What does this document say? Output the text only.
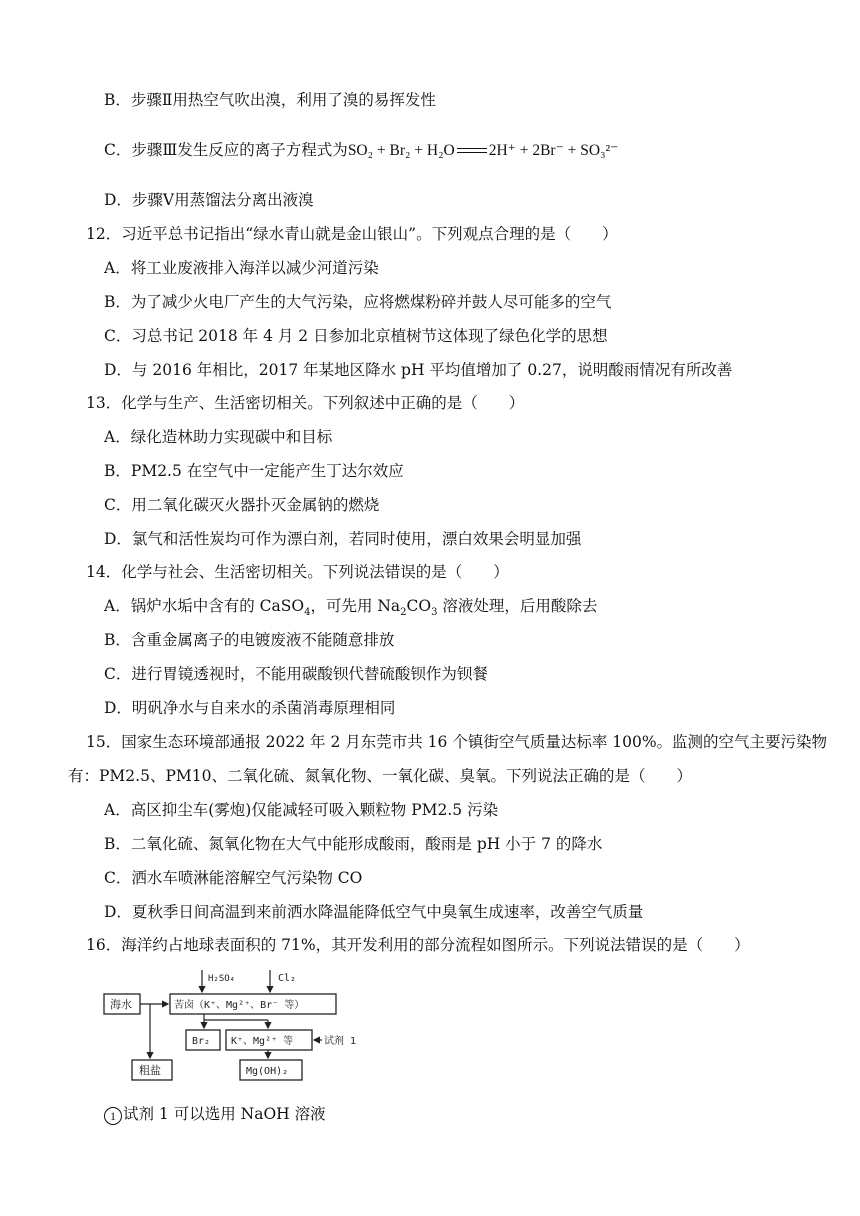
B．步骤Ⅱ用热空气吹出溴，利用了溴的易挥发性
C．步骤Ⅲ发生反应的离子方程式为SO₂ + Br₂ + H₂O 2H⁺ + 2Br⁻ + SO₃²⁻
D．步骤Ⅴ用蒸馏法分离出液溴
12．习近平总书记指出“绿水青山就是金山银山”。下列观点合理的是（　　）
A．将工业废液排入海洋以减少河道污染
B．为了减少火电厂产生的大气污染，应将燃煤粉碎并鼓人尽可能多的空气
C．习总书记 2018 年 4 月 2 日参加北京植树节这体现了绿色化学的思想
D．与 2016 年相比，2017 年某地区降水 pH 平均值增加了 0.27，说明酸雨情况有所改善
13．化学与生产、生活密切相关。下列叙述中正确的是（　　）
A．绿化造林助力实现碳中和目标
B．PM2.5 在空气中一定能产生丁达尔效应
C．用二氧化碳灭火器扑灭金属钠的燃烧
D．氯气和活性炭均可作为漂白剂，若同时使用，漂白效果会明显加强
14．化学与社会、生活密切相关。下列说法错误的是（　　）
A．锅炉水垢中含有的 CaSO$_4$，可先用 $Na_2CO_3$ 溶液处理，后用酸除去
B．含重金属离子的电镀废液不能随意排放
C．进行胃镜透视时，不能用碳酸钡代替硫酸钡作为钡餐
D．明矾净水与自来水的杀菌消毒原理相同
15．国家生态环境部通报 2022 年 2 月东莞市共 16 个镇街空气质量达标率 100%。监测的空气主要污染物
有：PM2.5、PM10、二氧化硫、氮氧化物、一氧化碳、臭氧。下列说法正确的是（　　）
A．高区抑尘车(雾炮)仅能减轻可吸入颗粒物 PM2.5 污染
B．二氧化硫、氮氧化物在大气中能形成酸雨，酸雨是 pH 小于 7 的降水
C．洒水车喷淋能溶解空气污染物 CO
D．夏秋季日间高温到来前洒水降温能降低空气中臭氧生成速率，改善空气质量
16．海洋约占地球表面积的 71%，其开发利用的部分流程如图所示。下列说法错误的是（　　）
海水	苦卤（K⁺、Mg²⁺、Br⁻ 等）
H₂SO₄	Cl₂
粗盐
Br₂ K⁺、Mg²⁺ 等	试剂 1
Mg(OH)₂
1 试剂 1 可以选用 NaOH 溶液
